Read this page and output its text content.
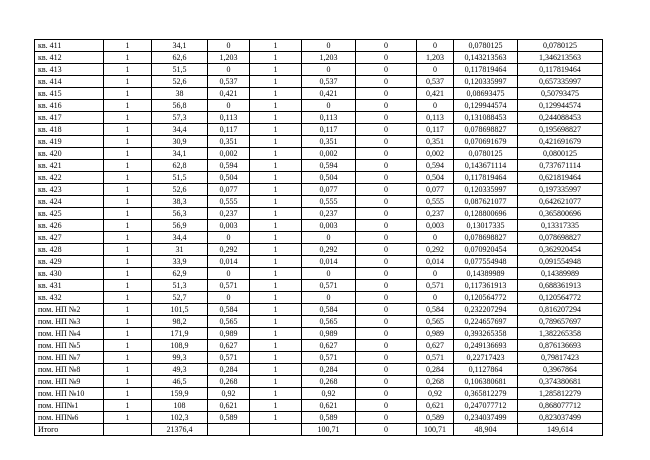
кв. 411	1	34,1	0	1	0	0	0	0,0780125	0,0780125
кв. 412	1	62,6	1,203	1	1,203	0	1,203	0,143213563	1,346213563
кв. 413	1	51,5	0	1	0	0	0	0,117819464	0,117819464
кв. 414	1	52,6	0,537	1	0,537	0	0,537	0,120335997	0,657335997
кв. 415	1	38	0,421	1	0,421	0	0,421	0,08693475	0,50793475
кв. 416	1	56,8	0	1	0	0	0	0,129944574	0,129944574
кв. 417	1	57,3	0,113	1	0,113	0	0,113	0,131088453	0,244088453
кв. 418	1	34,4	0,117	1	0,117	0	0,117	0,078698827	0,195698827
кв. 419	1	30,9	0,351	1	0,351	0	0,351	0,070691679	0,421691679
кв. 420	1	34,1	0,002	1	0,002	0	0,002	0,0780125	0,0800125
кв. 421	1	62,8	0,594	1	0,594	0	0,594	0,143671114	0,737671114
кв. 422	1	51,5	0,504	1	0,504	0	0,504	0,117819464	0,621819464
кв. 423	1	52,6	0,077	1	0,077	0	0,077	0,120335997	0,197335997
кв. 424	1	38,3	0,555	1	0,555	0	0,555	0,087621077	0,642621077
кв. 425	1	56,3	0,237	1	0,237	0	0,237	0,128800696	0,365800696
кв. 426	1	56,9	0,003	1	0,003	0	0,003	0,13017335	0,13317335
кв. 427	1	34,4	0	1	0	0	0	0,078698827	0,078698827
кв. 428	1	31	0,292	1	0,292	0	0,292	0,070920454	0,362920454
кв. 429	1	33,9	0,014	1	0,014	0	0,014	0,077554948	0,091554948
кв. 430	1	62,9	0	1	0	0	0	0,14389989	0,14389989
кв. 431	1	51,3	0,571	1	0,571	0	0,571	0,117361913	0,688361913
кв. 432	1	52,7	0	1	0	0	0	0,120564772	0,120564772
пом. НП №2	1	101,5	0,584	1	0,584	0	0,584	0,232207294	0,816207294
пом. НП №3	1	98,2	0,565	1	0,565	0	0,565	0,224657697	0,789657697
пом. НП №4	1	171,9	0,989	1	0,989	0	0,989	0,393265358	1,382265358
пом. НП №5	1	108,9	0,627	1	0,627	0	0,627	0,249136693	0,876136693
пом. НП №7	1	99,3	0,571	1	0,571	0	0,571	0,22717423	0,79817423
пом. НП №8	1	49,3	0,284	1	0,284	0	0,284	0,1127864	0,3967864
пом. НП №9	1	46,5	0,268	1	0,268	0	0,268	0,106380681	0,374380681
пом. НП №10	1	159,9	0,92	1	0,92	0	0,92	0,365812279	1,285812279
пом. НП№1	1	108	0,621	1	0,621	0	0,621	0,247077712	0,868077712
пом. НП№6	1	102,3	0,589	1	0,589	0	0,589	0,234037499	0,823037499
Итого		21376,4			100,71	0	100,71	48,904	149,614
